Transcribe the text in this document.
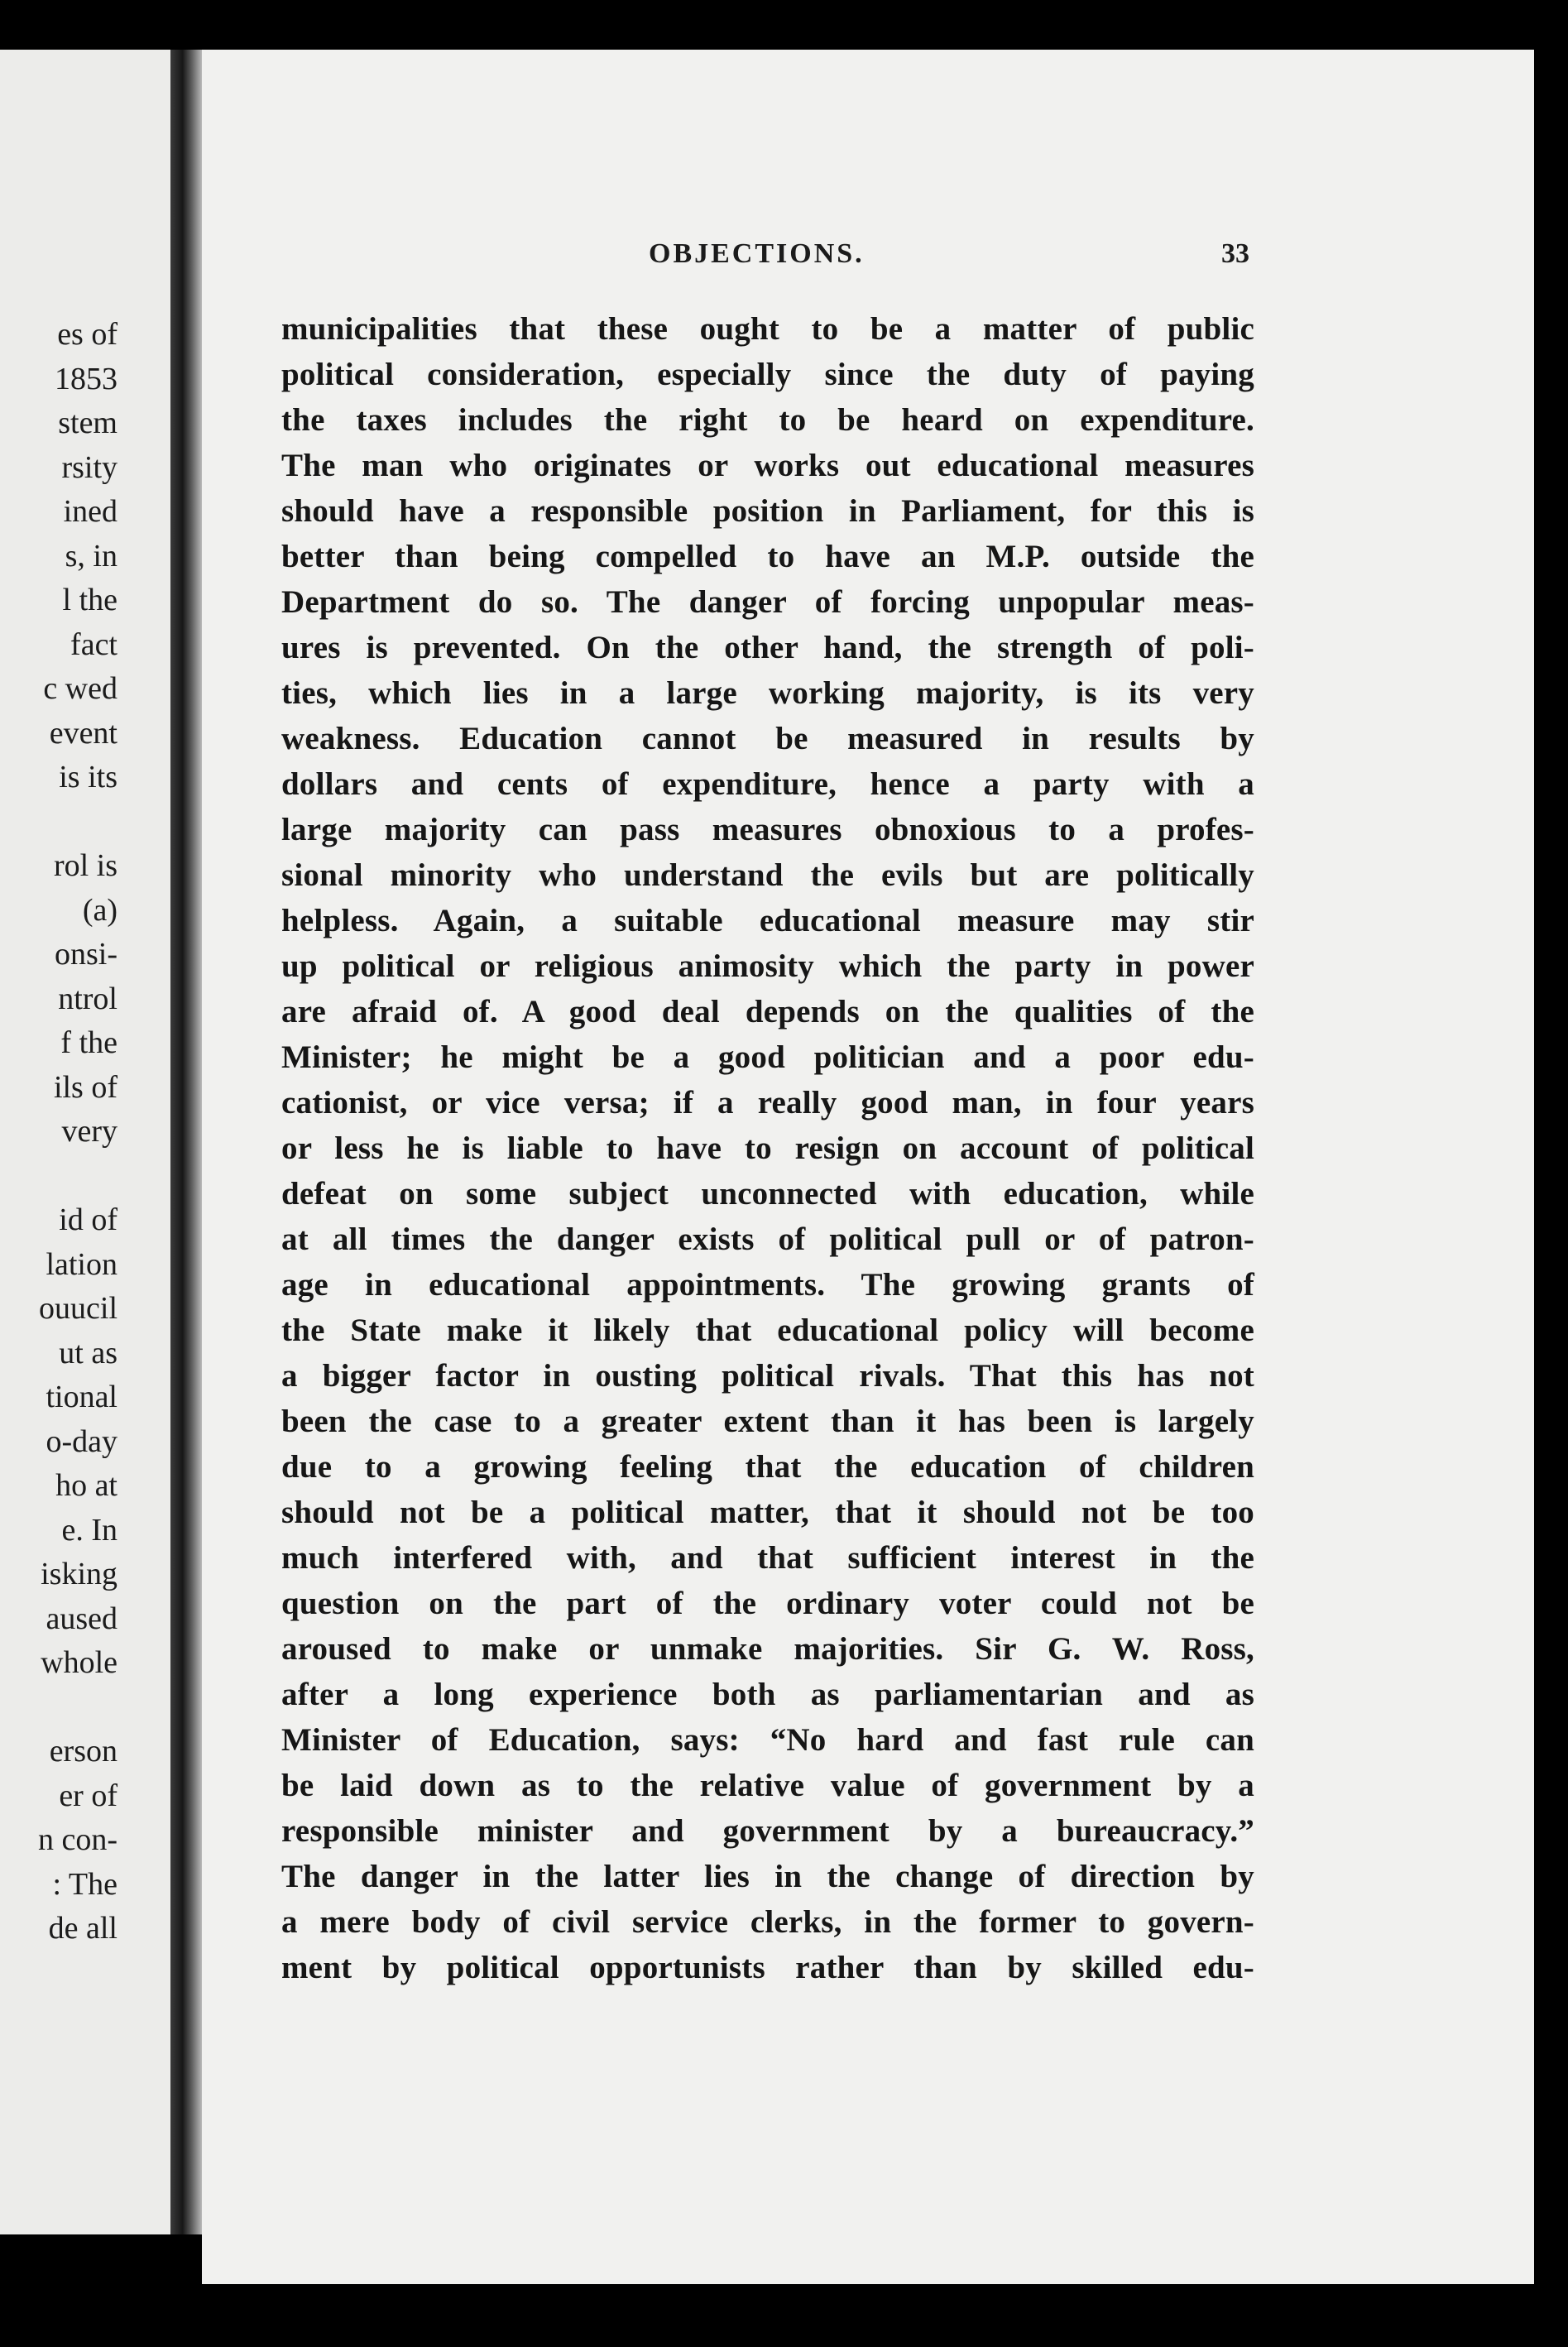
es of
1853
stem
rsity
ined
s, in
l the
fact
c wed
event
is its
rol is
(a)
onsi-
ntrol
f the
ils of
very
id of
lation
ouucil
ut as
tional
o-day
ho at
e. In
isking
aused
whole
erson
er of
n con-
: The
de all
OBJECTIONS.	33
municipalities that these ought to be a matter of public
political consideration, especially since the duty of paying
the taxes includes the right to be heard on expenditure.
The man who originates or works out educational measures
should have a responsible position in Parliament, for this is
better than being compelled to have an M.P. outside the
Department do so. The danger of forcing unpopular meas-
ures is prevented. On the other hand, the strength of poli-
ties, which lies in a large working majority, is its very
weakness. Education cannot be measured in results by
dollars and cents of expenditure, hence a party with a
large majority can pass measures obnoxious to a profes-
sional minority who understand the evils but are politically
helpless. Again, a suitable educational measure may stir
up political or religious animosity which the party in power
are afraid of. A good deal depends on the qualities of the
Minister; he might be a good politician and a poor edu-
cationist, or vice versa; if a really good man, in four years
or less he is liable to have to resign on account of political
defeat on some subject unconnected with education, while
at all times the danger exists of political pull or of patron-
age in educational appointments. The growing grants of
the State make it likely that educational policy will become
a bigger factor in ousting political rivals. That this has not
been the case to a greater extent than it has been is largely
due to a growing feeling that the education of children
should not be a political matter, that it should not be too
much interfered with, and that sufficient interest in the
question on the part of the ordinary voter could not be
aroused to make or unmake majorities. Sir G. W. Ross,
after a long experience both as parliamentarian and as
Minister of Education, says: “No hard and fast rule can
be laid down as to the relative value of government by a
responsible minister and government by a bureaucracy.”
The danger in the latter lies in the change of direction by
a mere body of civil service clerks, in the former to govern-
ment by political opportunists rather than by skilled edu-
